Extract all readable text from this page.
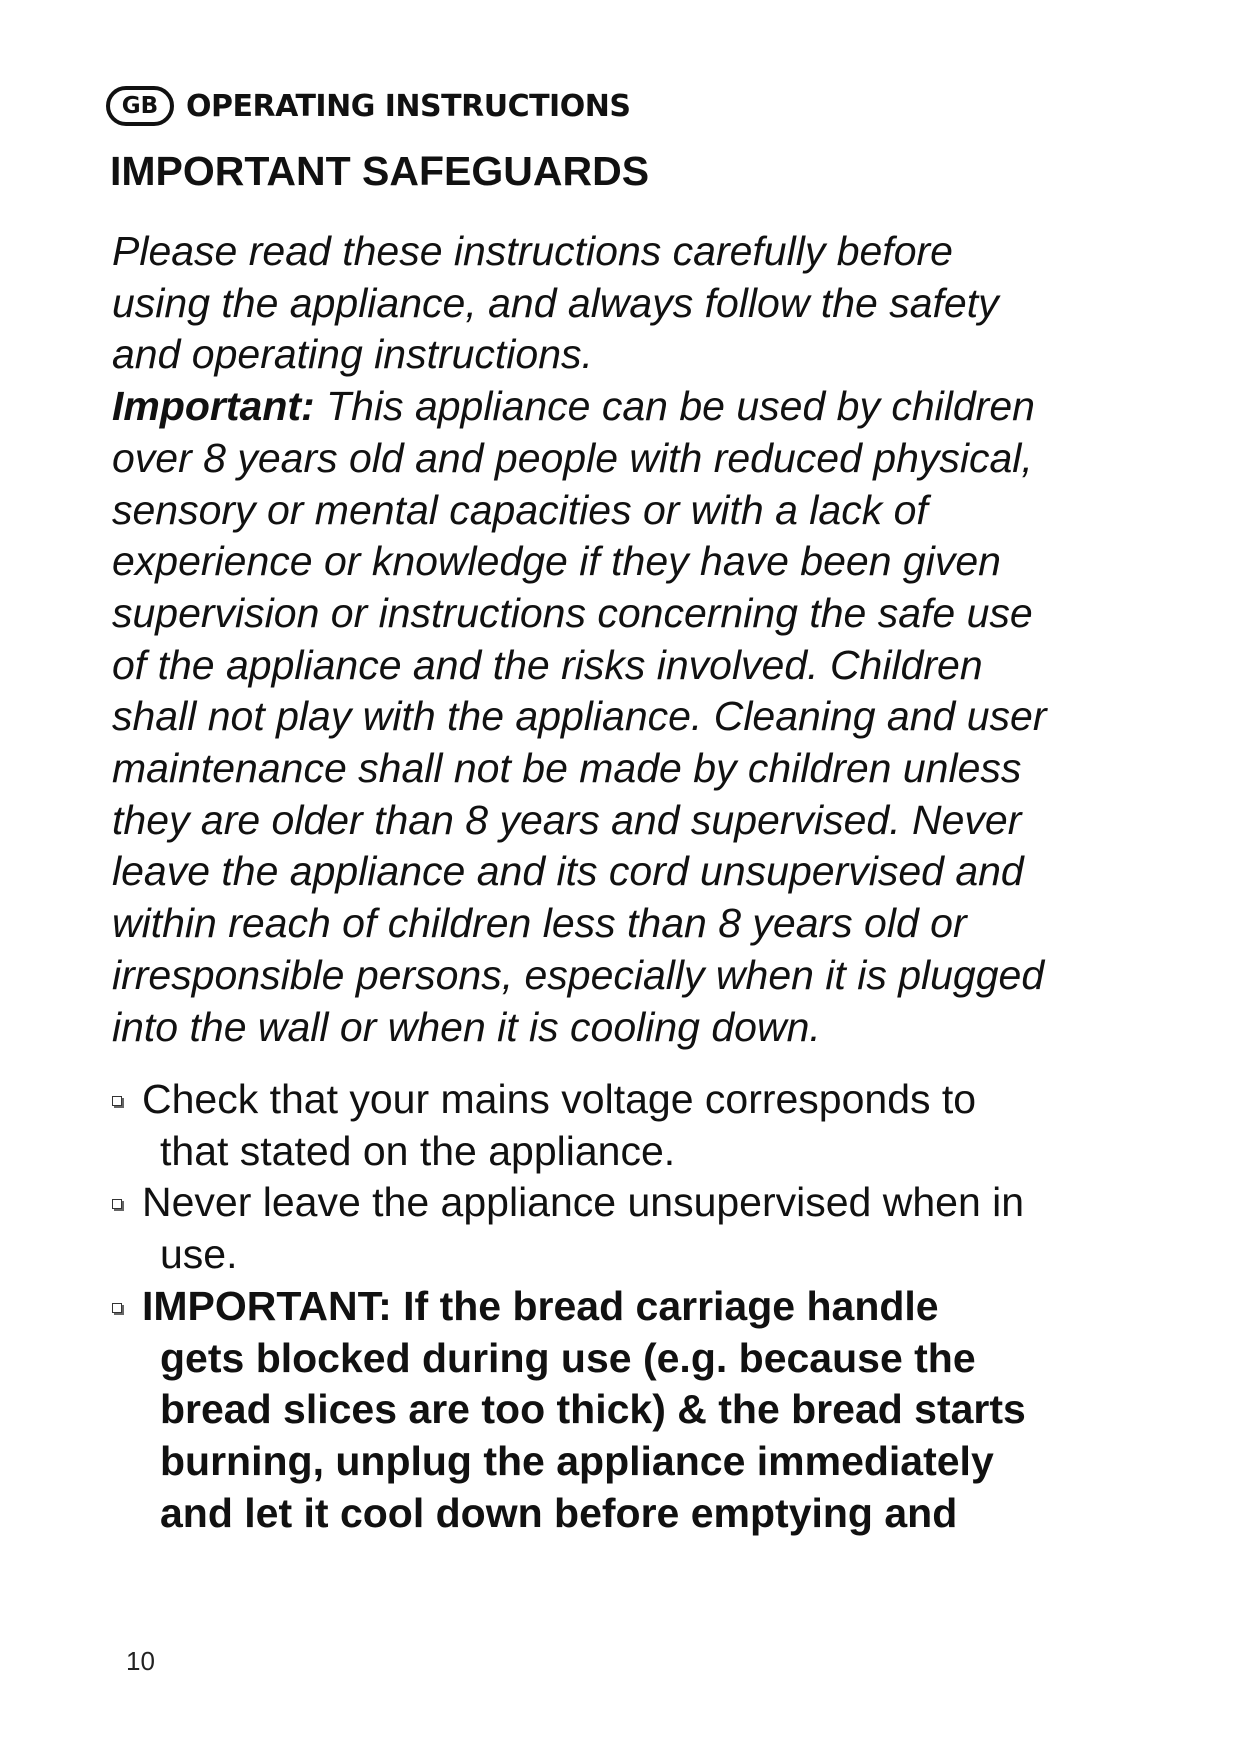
GB OPERATING INSTRUCTIONS
IMPORTANT SAFEGUARDS
Please read these instructions carefully before
using the appliance, and always follow the safety
and operating instructions.
Important: This appliance can be used by children
over 8 years old and people with reduced physical,
sensory or mental capacities or with a lack of
experience or knowledge if they have been given
supervision or instructions concerning the safe use
of the appliance and the risks involved. Children
shall not play with the appliance. Cleaning and user
maintenance shall not be made by children unless
they are older than 8 years and supervised. Never
leave the appliance and its cord unsupervised and
within reach of children less than 8 years old or
irresponsible persons, especially when it is plugged
into the wall or when it is cooling down.
Check that your mains voltage corresponds to
that stated on the appliance.
Never leave the appliance unsupervised when in
use.
IMPORTANT: If the bread carriage handle
gets blocked during use (e.g. because the
bread slices are too thick) & the bread starts
burning, unplug the appliance immediately
and let it cool down before emptying and
10
